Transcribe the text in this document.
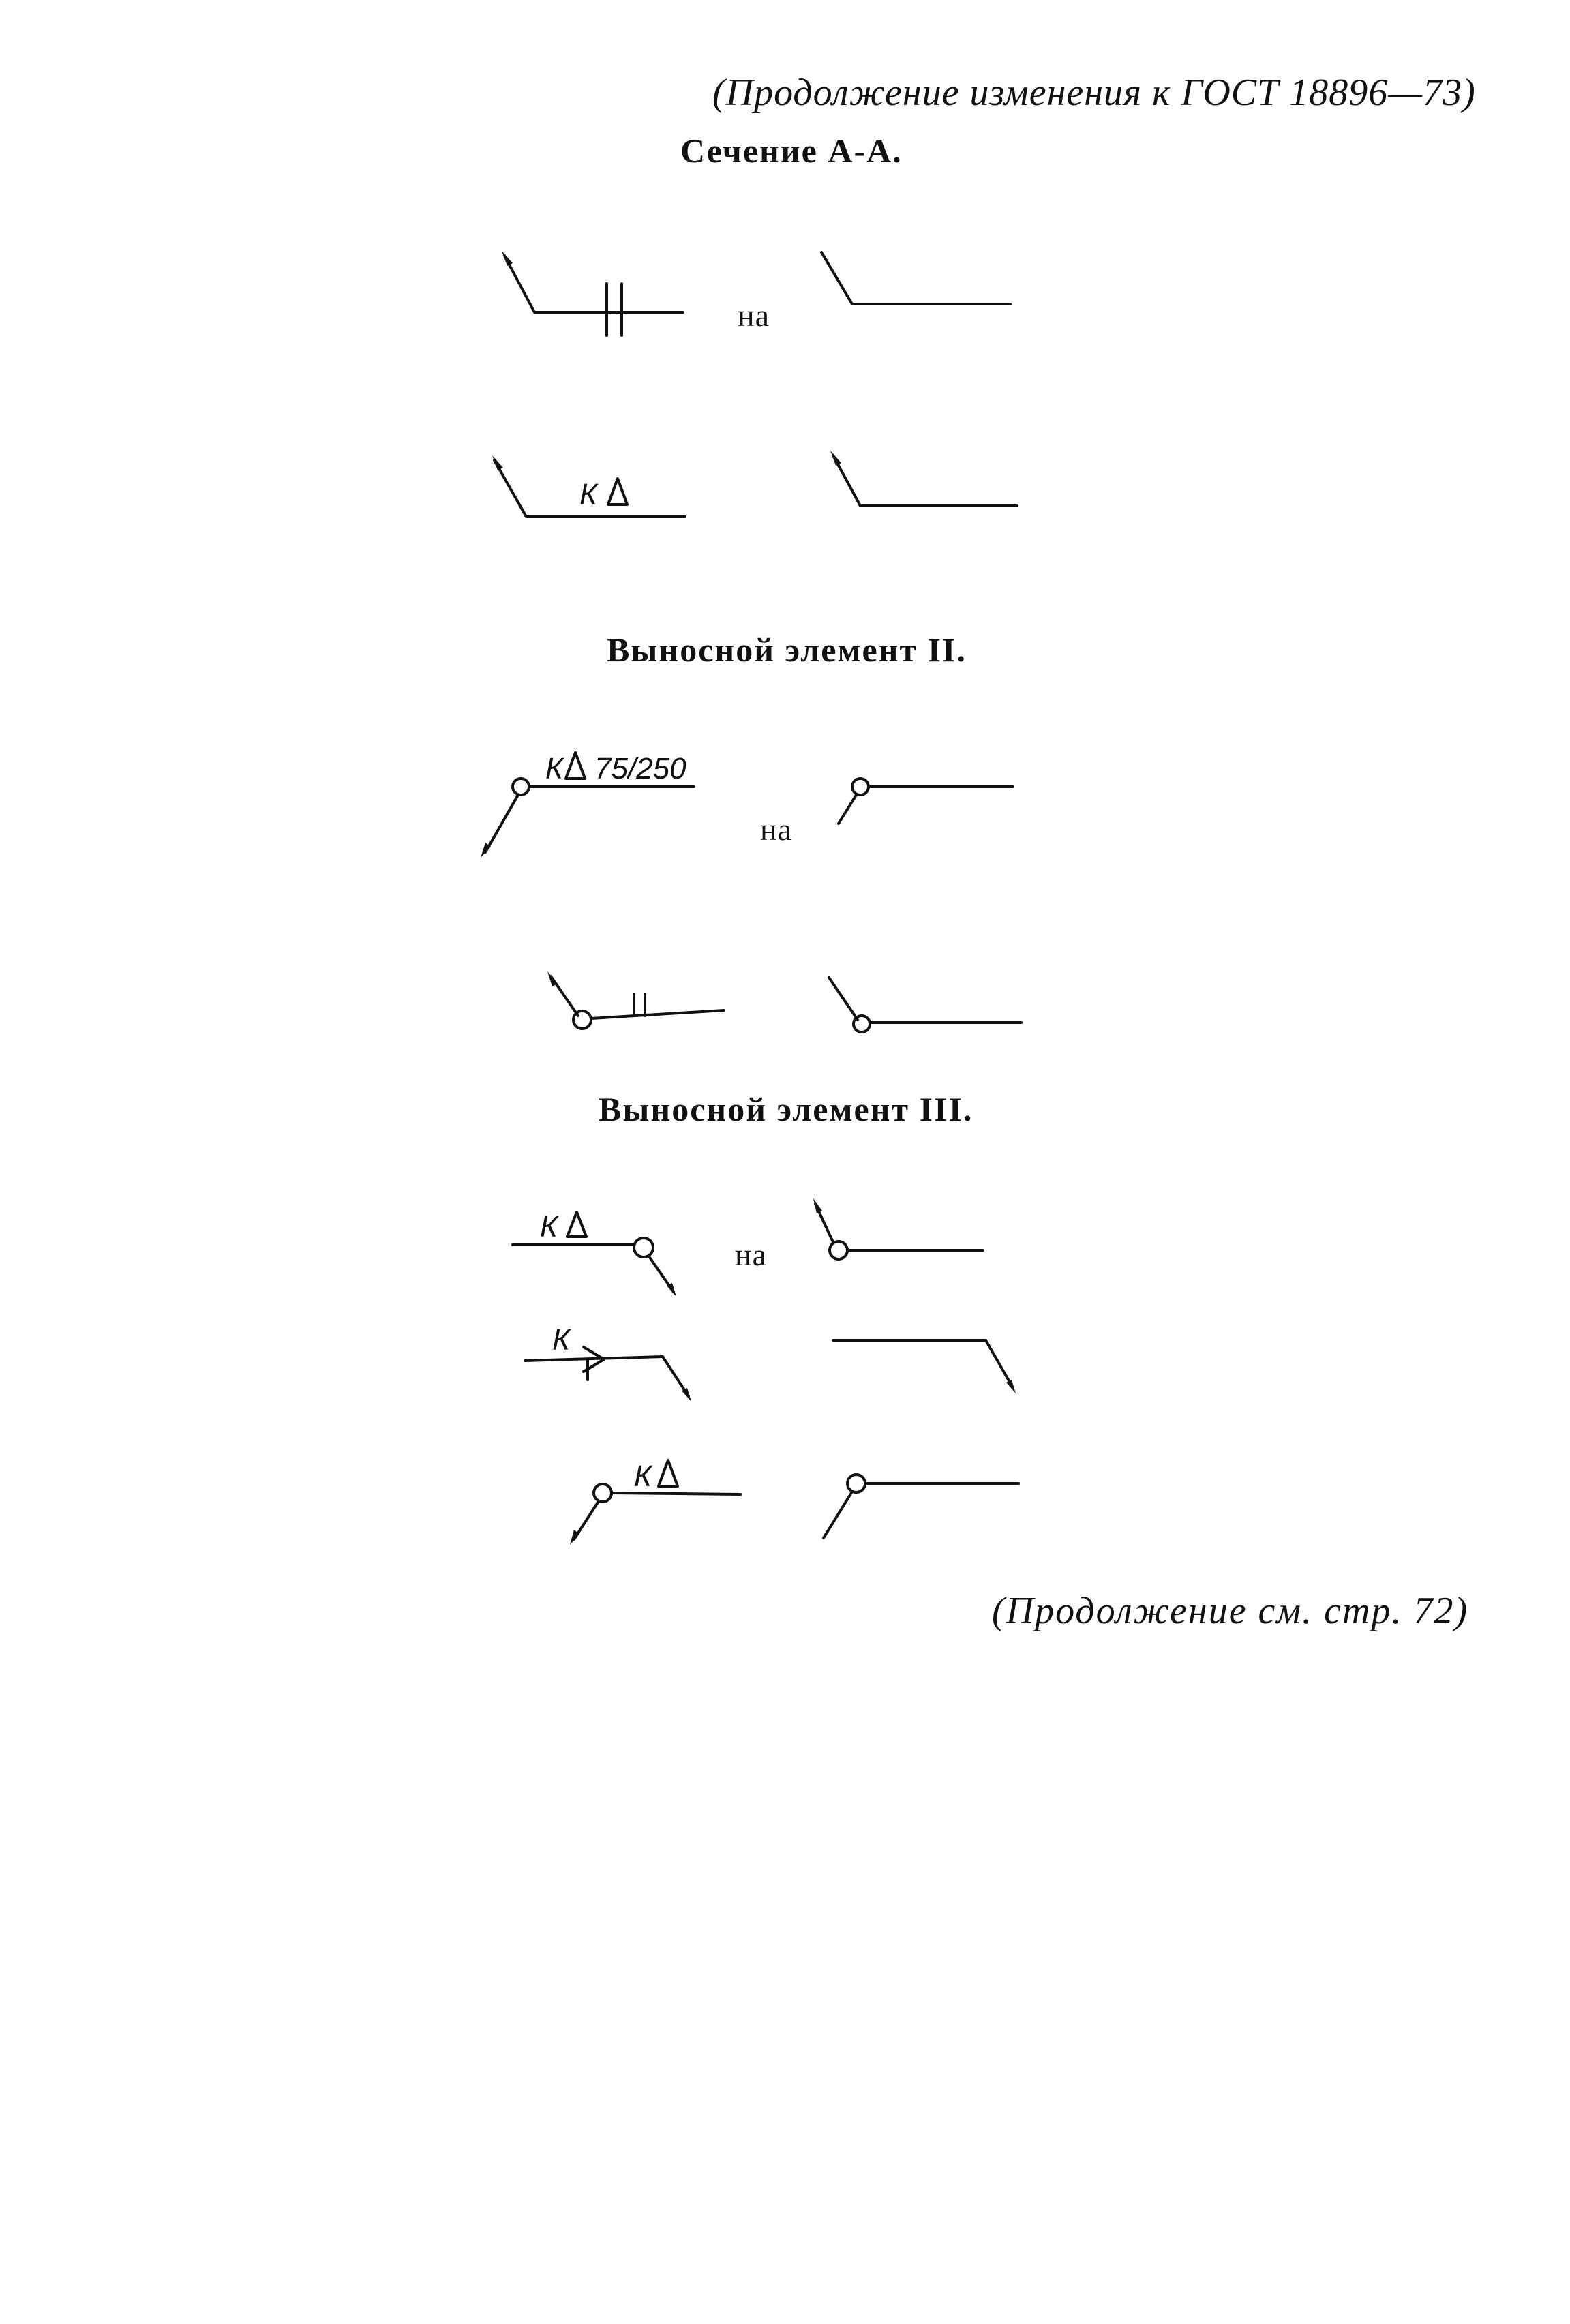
(Продолжение изменения к ГОСТ 18896—73)
Сечение А-А.
на
Выносной элемент II.
на
Выносной элемент III.
на
К
К 75/250
К
К
К
(Продолжение см. стр. 72)
